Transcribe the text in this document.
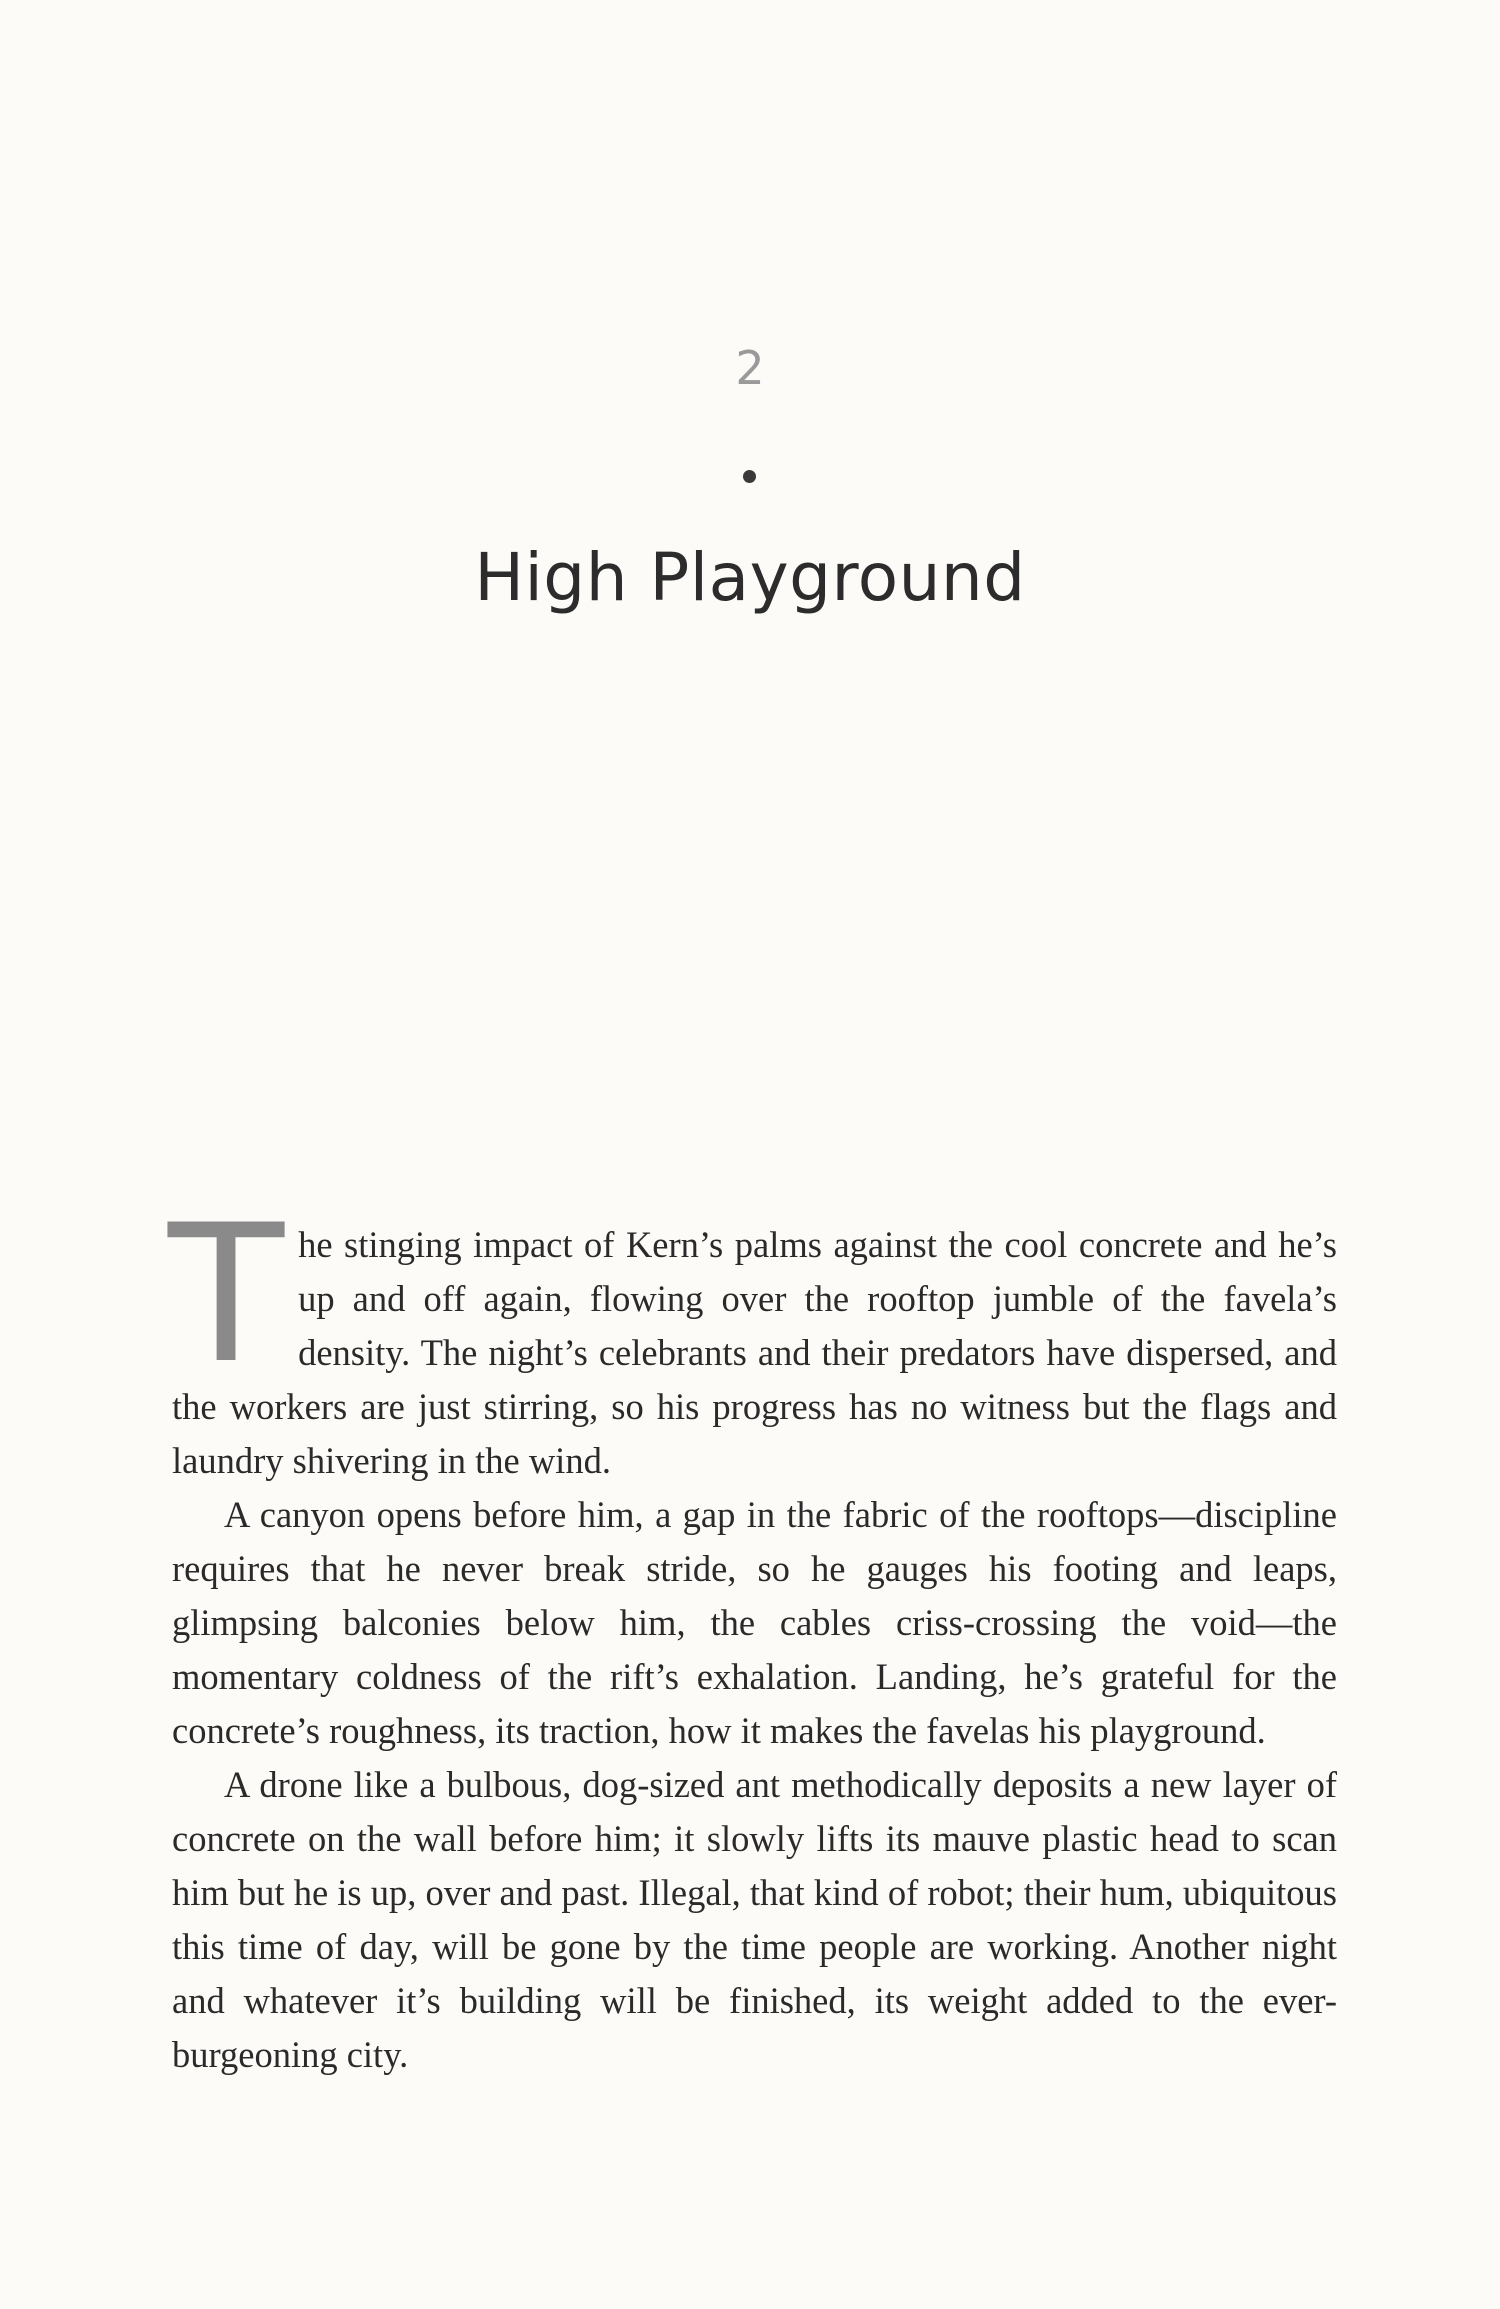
2
High Playground

The stinging impact of Kern’s palms against the cool concrete and he’s up and off again, flowing over the rooftop jumble of the favela’s density. The night’s celebrants and their predators have dispersed, and the workers are just stirring, so his progress has no witness but the flags and laundry shivering in the wind.

A canyon opens before him, a gap in the fabric of the rooftops—discipline requires that he never break stride, so he gauges his footing and leaps, glimpsing balconies below him, the cables criss-crossing the void—the momentary coldness of the rift’s exhalation. Landing, he’s grateful for the concrete’s roughness, its traction, how it makes the favelas his playground.

A drone like a bulbous, dog-sized ant methodically deposits a new layer of concrete on the wall before him; it slowly lifts its mauve plastic head to scan him but he is up, over and past. Illegal, that kind of robot; their hum, ubiquitous this time of day, will be gone by the time people are working. Another night and whatever it’s building will be finished, its weight added to the ever-burgeoning city.
